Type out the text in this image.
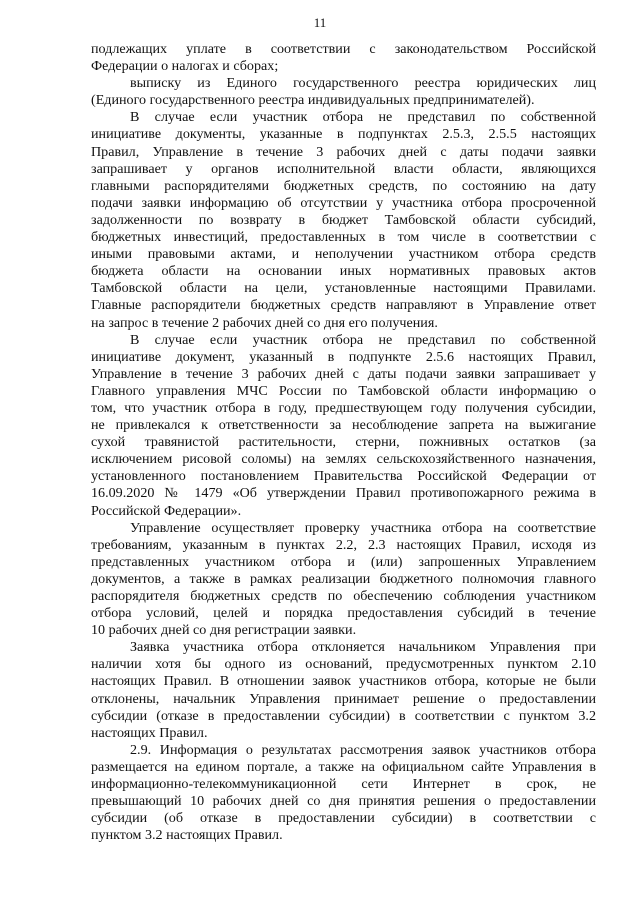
11
подлежащих уплате в соответствии с законодательством Российской
Федерации о налогах и сборах;
выписку из Единого государственного реестра юридических лиц
(Единого государственного реестра индивидуальных предпринимателей).
В случае если участник отбора не представил по собственной
инициативе документы, указанные в подпунктах 2.5.3, 2.5.5 настоящих
Правил, Управление в течение 3 рабочих дней с даты подачи заявки
запрашивает у органов исполнительной власти области, являющихся
главными распорядителями бюджетных средств, по состоянию на дату
подачи заявки информацию об отсутствии у участника отбора просроченной
задолженности по возврату в бюджет Тамбовской области субсидий,
бюджетных инвестиций, предоставленных в том числе в соответствии с
иными правовыми актами, и неполучении участником отбора средств
бюджета области на основании иных нормативных правовых актов
Тамбовской области на цели, установленные настоящими Правилами.
Главные распорядители бюджетных средств направляют в Управление ответ
на запрос в течение 2 рабочих дней со дня его получения.
В случае если участник отбора не представил по собственной
инициативе документ, указанный в подпункте 2.5.6 настоящих Правил,
Управление в течение 3 рабочих дней с даты подачи заявки запрашивает у
Главного управления МЧС России по Тамбовской области информацию о
том, что участник отбора в году, предшествующем году получения субсидии,
не привлекался к ответственности за несоблюдение запрета на выжигание
сухой травянистой растительности, стерни, пожнивных остатков (за
исключением рисовой соломы) на землях сельскохозяйственного назначения,
установленного постановлением Правительства Российской Федерации от
16.09.2020 № 1479 «Об утверждении Правил противопожарного режима в
Российской Федерации».
Управление осуществляет проверку участника отбора на соответствие
требованиям, указанным в пунктах 2.2, 2.3 настоящих Правил, исходя из
представленных участником отбора и (или) запрошенных Управлением
документов, а также в рамках реализации бюджетного полномочия главного
распорядителя бюджетных средств по обеспечению соблюдения участником
отбора условий, целей и порядка предоставления субсидий в течение
10 рабочих дней со дня регистрации заявки.
Заявка участника отбора отклоняется начальником Управления при
наличии хотя бы одного из оснований, предусмотренных пунктом 2.10
настоящих Правил. В отношении заявок участников отбора, которые не были
отклонены, начальник Управления принимает решение о предоставлении
субсидии (отказе в предоставлении субсидии) в соответствии с пунктом 3.2
настоящих Правил.
2.9. Информация о результатах рассмотрения заявок участников отбора
размещается на едином портале, а также на официальном сайте Управления в
информационно-телекоммуникационной сети Интернет в срок, не
превышающий 10 рабочих дней со дня принятия решения о предоставлении
субсидии (об отказе в предоставлении субсидии) в соответствии с
пунктом 3.2 настоящих Правил.
